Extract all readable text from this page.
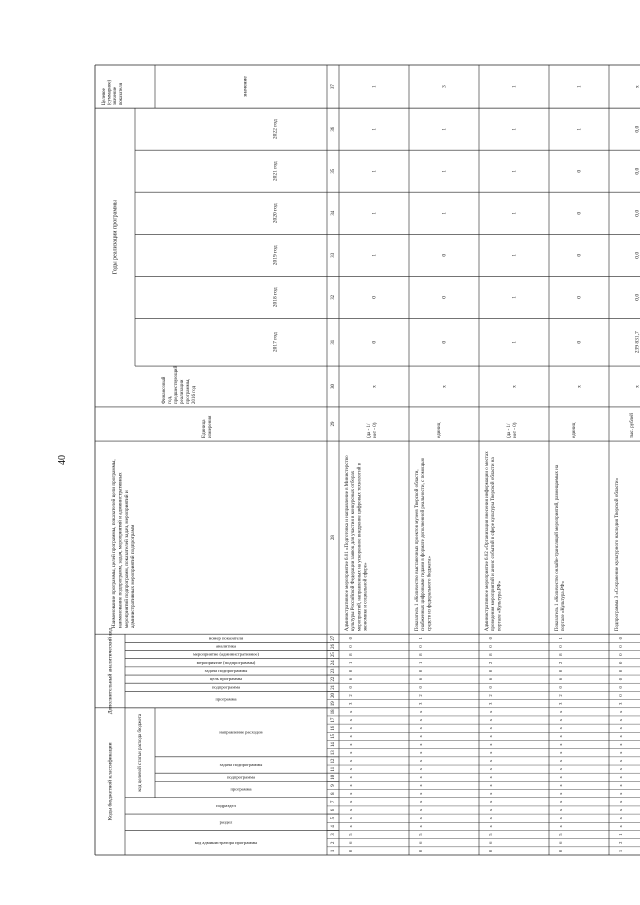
40
Коды бюджетной классификации
Дополнительный аналитический код
код целевой статьи расхода бюджета
код администратора программы
раздел
подраздел
программа
подпрограмма
задача подпрограммы
направление расходов
программа
подпрограмма
цель программы
задача подпрограммы
мероприятие (подпрограммы)
мероприятие (административное)
аналитика
номер показателя
Годы реализации программы
Наименование программы, целей программы, показателей цели программы,наименование подпрограмм, задач, мероприятий и административныхмероприятий подпрограмм, показателей задач, мероприятий иадминистративных мероприятий подпрограмм
Единицаизмерения
Финансовыйгод,предшествующийреализациипрограммы,2016 год
2017 год
2018 год
2019 год
2020 год
2021 год
2022 год
Целевое(суммарное)значениепоказателя	значение
1
2
3
4
5
6
7
8
9
10
11
12
13
14
15
16
17
18
19
20
21
22
23
24
25
26
27
28
29
30
31
32
33
34
35
36
37
0
6
5
x
x
x
x
x
x
x
x
x
x
x
x
x
x
x
3
2
0
6
0
1
8
0
0
Административное мероприятие 6.01 «Подготовка и направление в Министерствокультуры Российской Федерации заявок для участия в конкурсных отборахмероприятий, направленных на ускоренное внедрение цифровых технологий вэкономике и социальной сфере»
(да - 1/нет - 0)
x
0
0
1
1
1
1
1
0
6
5
x
x
x
x
x
x
x
x
x
x
x
x
x
x
x
3
2
0
6
0
1
8
0
1
Показатель 1 «Количество выставочных проектов музеев Тверской области,снабженных цифровыми гидами в формате дополненной реальности, с помощьюсредств из федерального бюджета»
единиц
x
0
0
0
1
1
1
3
0
6
5
x
x
x
x
x
x
x
x
x
x
x
x
x
x
x
3
2
0
6
0
2
8
0
0
Административное мероприятие 6.02 «Организация внесения информации о местахпроведения мероприятий и анонс событий в сфере культуры Тверской области напортале «Культура.РФ»
(да - 1/нет - 0)
x
1
1
1
1
1
1
1
0
6
5
x
x
x
x
x
x
x
x
x
x
x
x
x
x
x
3
2
0
6
0
2
8
0
1
Показатель 1 «Количество онлайн-трансляций мероприятий, размещаемых напортале «Культура.РФ»
единиц
x
0
0
0
0
0
1
1
1
2
1
x
x
x
x
x
x
x
x
x
x
x
x
x
x
x
3
0
0
0
0
0
0
0
0
Подпрограмма 3 «Сохранение культурного наследия Тверской области»
тыс. рублей
x
239 831,7
0,0
0,0
0,0
0,0
0,0
x
